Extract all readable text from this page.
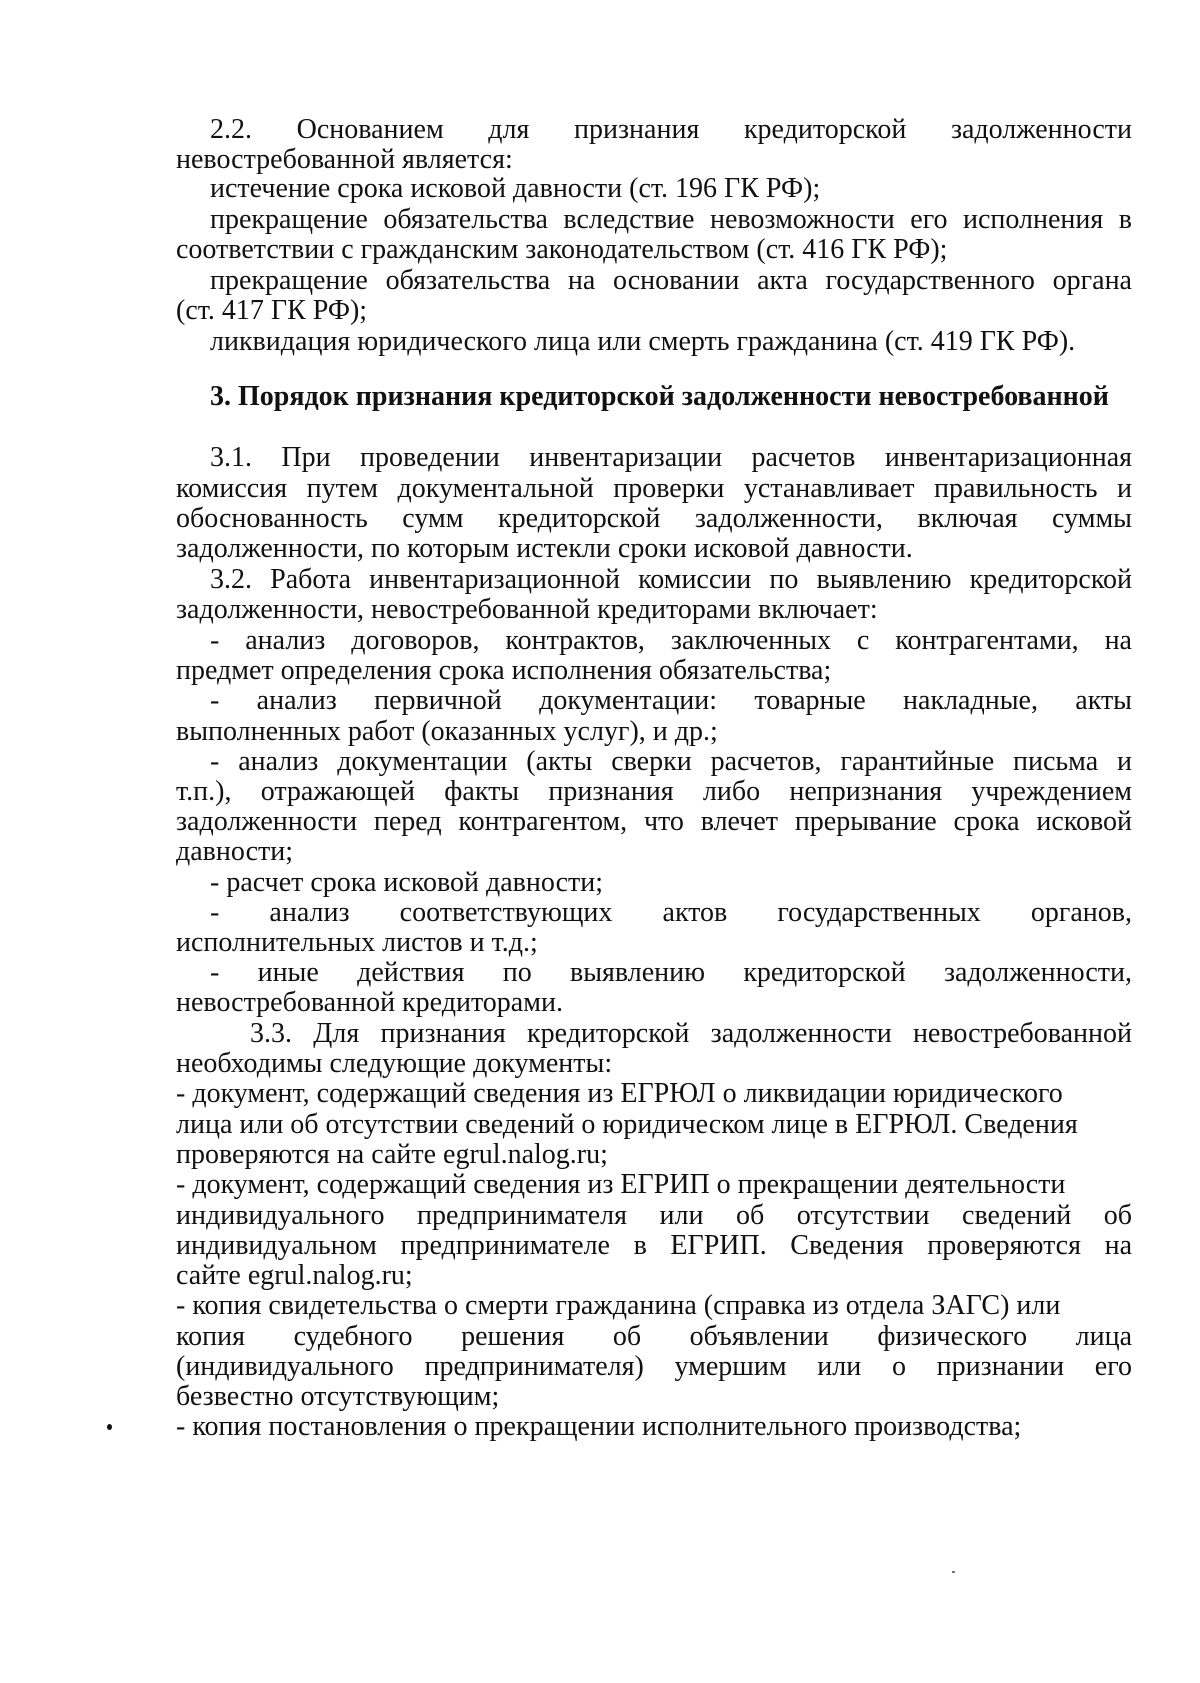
2.2. Основанием для признания кредиторской задолженности
невостребованной является:
истечение срока исковой давности (ст. 196 ГК РФ);
прекращение обязательства вследствие невозможности его исполнения в
соответствии с гражданским законодательством (ст. 416 ГК РФ);
прекращение обязательства на основании акта государственного органа
(ст. 417 ГК РФ);
ликвидация юридического лица или смерть гражданина (ст. 419 ГК РФ).
3. Порядок признания кредиторской задолженности невостребованной
3.1. При проведении инвентаризации расчетов инвентаризационная
комиссия путем документальной проверки устанавливает правильность и
обоснованность сумм кредиторской задолженности, включая суммы
задолженности, по которым истекли сроки исковой давности.
3.2. Работа инвентаризационной комиссии по выявлению кредиторской
задолженности, невостребованной кредиторами включает:
- анализ договоров, контрактов, заключенных с контрагентами, на
предмет определения срока исполнения обязательства;
- анализ первичной документации: товарные накладные, акты
выполненных работ (оказанных услуг), и др.;
- анализ документации (акты сверки расчетов, гарантийные письма и
т.п.), отражающей факты признания либо непризнания учреждением
задолженности перед контрагентом, что влечет прерывание срока исковой
давности;
- расчет срока исковой давности;
- анализ соответствующих актов государственных органов,
исполнительных листов и т.д.;
- иные действия по выявлению кредиторской задолженности,
невостребованной кредиторами.
3.3. Для признания кредиторской задолженности невостребованной
необходимы следующие документы:
- документ, содержащий сведения из ЕГРЮЛ о ликвидации юридического
лица или об отсутствии сведений о юридическом лице в ЕГРЮЛ. Сведения
проверяются на сайте egrul.nalog.ru;
- документ, содержащий сведения из ЕГРИП о прекращении деятельности
индивидуального предпринимателя или об отсутствии сведений об
индивидуальном предпринимателе в ЕГРИП. Сведения проверяются на
сайте egrul.nalog.ru;
- копия свидетельства о смерти гражданина (справка из отдела ЗАГС) или
копия судебного решения об объявлении физического лица
(индивидуального предпринимателя) умершим или о признании его
безвестно отсутствующим;
- копия постановления о прекращении исполнительного производства;
